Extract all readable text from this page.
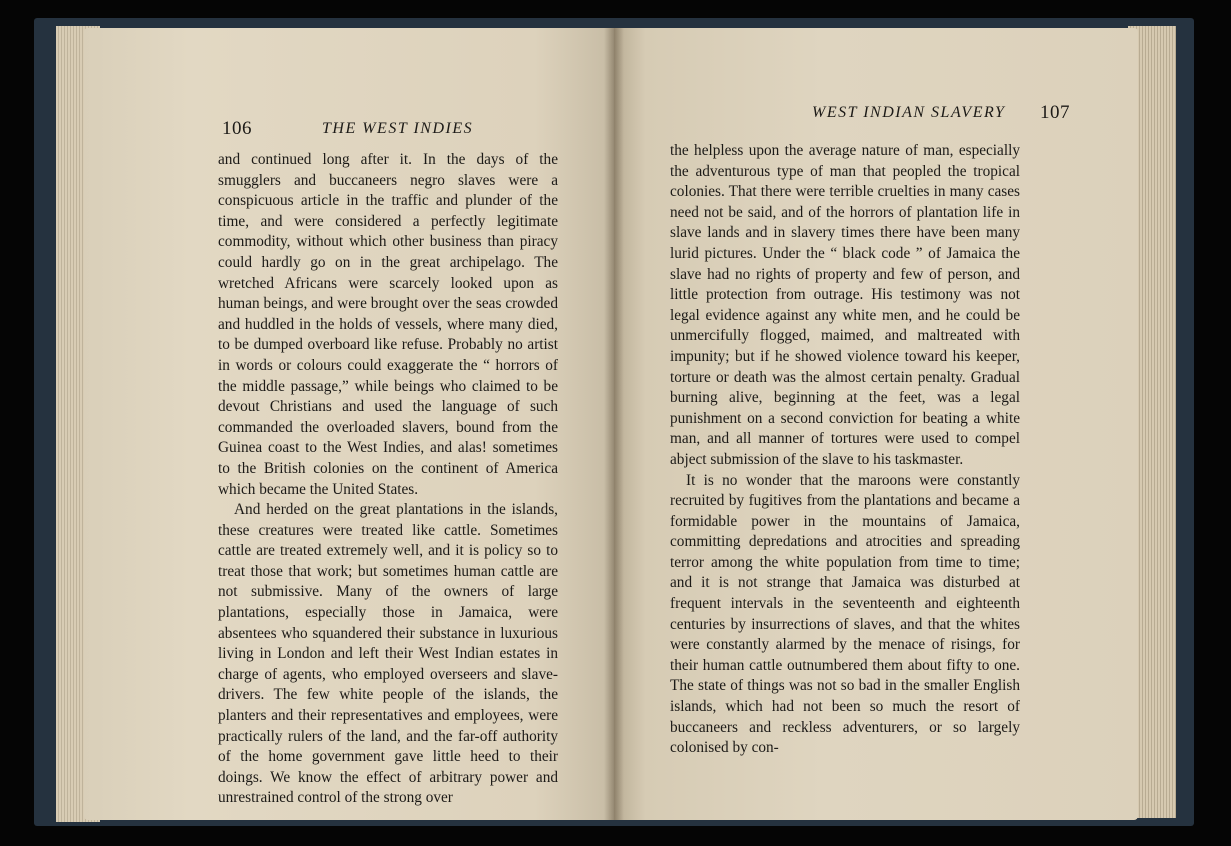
106	THE WEST INDIES

and continued long after it. In the days of the smugglers and buccaneers negro slaves were a conspicuous article in the traffic and plunder of the time, and were considered a perfectly legitimate commodity, without which other business than piracy could hardly go on in the great archipelago. The wretched Africans were scarcely looked upon as human beings, and were brought over the seas crowded and huddled in the holds of vessels, where many died, to be dumped overboard like refuse. Probably no artist in words or colours could exaggerate the “ horrors of the middle passage,” while beings who claimed to be devout Christians and used the language of such commanded the overloaded slavers, bound from the Guinea coast to the West Indies, and alas! sometimes to the British colonies on the continent of America which became the United States.

And herded on the great plantations in the islands, these creatures were treated like cattle. Sometimes cattle are treated extremely well, and it is policy so to treat those that work; but sometimes human cattle are not submissive. Many of the owners of large plantations, especially those in Jamaica, were absentees who squandered their substance in luxurious living in London and left their West Indian estates in charge of agents, who employed overseers and slave-drivers. The few white people of the islands, the planters and their representatives and employees, were practically rulers of the land, and the far-off authority of the home government gave little heed to their doings. We know the effect of arbitrary power and unrestrained control of the strong over

WEST INDIAN SLAVERY 107

the helpless upon the average nature of man, especially the adventurous type of man that peopled the tropical colonies. That there were terrible cruelties in many cases need not be said, and of the horrors of plantation life in slave lands and in slavery times there have been many lurid pictures. Under the “ black code ” of Jamaica the slave had no rights of property and few of person, and little protection from outrage. His testimony was not legal evidence against any white men, and he could be unmercifully flogged, maimed, and maltreated with impunity; but if he showed violence toward his keeper, torture or death was the almost certain penalty. Gradual burning alive, beginning at the feet, was a legal punishment on a second conviction for beating a white man, and all manner of tortures were used to compel abject submission of the slave to his taskmaster.

It is no wonder that the maroons were constantly recruited by fugitives from the plantations and became a formidable power in the mountains of Jamaica, committing depredations and atrocities and spreading terror among the white population from time to time; and it is not strange that Jamaica was disturbed at frequent intervals in the seventeenth and eighteenth centuries by insurrections of slaves, and that the whites were constantly alarmed by the menace of risings, for their human cattle outnumbered them about fifty to one. The state of things was not so bad in the smaller English islands, which had not been so much the resort of buccaneers and reckless adventurers, or so largely colonised by con-
